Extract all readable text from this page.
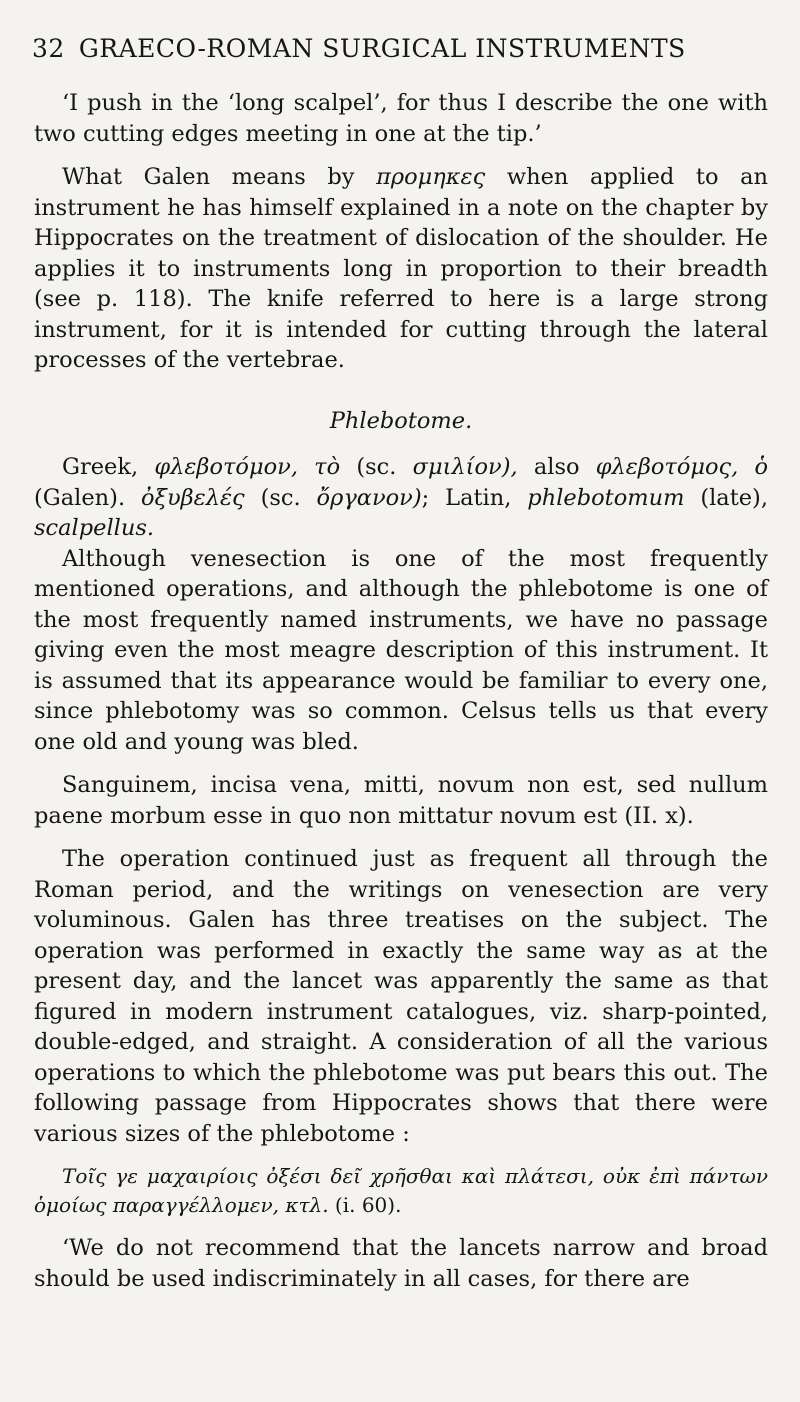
32 GRAECO-ROMAN SURGICAL INSTRUMENTS

‘I push in the ‘long scalpel’, for thus I describe the one with two cutting edges meeting in one at the tip.’

What Galen means by προμηκες when applied to an instrument he has himself explained in a note on the chapter by Hippocrates on the treatment of dislocation of the shoulder. He applies it to instruments long in proportion to their breadth (see p. 118). The knife referred to here is a large strong instrument, for it is intended for cutting through the lateral processes of the vertebrae.

Phlebotome.

Greek, φλεβοτόμον, τὸ (sc. σμιλίον), also φλεβοτόμος, ὁ (Galen). ὀξυβελές (sc. ὄργανον); Latin, phlebotomum (late), scalpellus.

Although venesection is one of the most frequently mentioned operations, and although the phlebotome is one of the most frequently named instruments, we have no passage giving even the most meagre description of this instrument. It is assumed that its appearance would be familiar to every one, since phlebotomy was so common. Celsus tells us that every one old and young was bled.

Sanguinem, incisa vena, mitti, novum non est, sed nullum paene morbum esse in quo non mittatur novum est (II. x).

The operation continued just as frequent all through the Roman period, and the writings on venesection are very voluminous. Galen has three treatises on the subject. The operation was performed in exactly the same way as at the present day, and the lancet was apparently the same as that figured in modern instrument catalogues, viz. sharp-pointed, double-edged, and straight. A consideration of all the various operations to which the phlebotome was put bears this out. The following passage from Hippocrates shows that there were various sizes of the phlebotome :

Τοῖς γε μαχαιρίοις ὀξέσι δεῖ χρῆσθαι καὶ πλάτεσι, οὐκ ἐπὶ πάντων ὁμοίως παραγγέλλομεν, κτλ. (i. 60).

‘We do not recommend that the lancets narrow and broad should be used indiscriminately in all cases, for there are
